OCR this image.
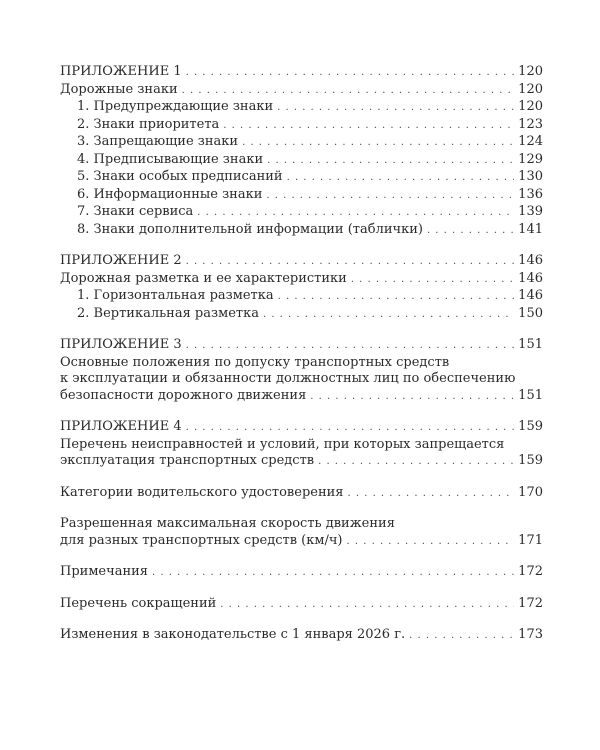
ПРИЛОЖЕНИЕ 1 . . .	120
Дорожные знаки . . .	120
1. Предупреждающие знаки . . .	120
2. Знаки приоритета . . .	123
3. Запрещающие знаки . . .	124
4. Предписывающие знаки . . .	129
5. Знаки особых предписаний . . .	130
6. Информационные знаки . . .	136
7. Знаки сервиса . . .	139
8. Знаки дополнительной информации (таблички) . . .	141
ПРИЛОЖЕНИЕ 2 . . .	146
Дорожная разметка и ее характеристики . . .	146
1. Горизонтальная разметка . . .	146
2. Вертикальная разметка . . .	150
ПРИЛОЖЕНИЕ 3 . . .	151
Основные положения по допуску транспортных средств
к эксплуатации и обязанности должностных лиц по обеспечению
безопасности дорожного движения . . .	151
ПРИЛОЖЕНИЕ 4 . . .	159
Перечень неисправностей и условий, при которых запрещается
эксплуатация транспортных средств . . .	159
Категории водительского удостоверения . . .	170
Разрешенная максимальная скорость движения
для разных транспортных средств (км/ч) . . .	171
Примечания . . .	172
Перечень сокращений . . .	172
Изменения в законодательстве с 1 января 2026 г. . . .	173
